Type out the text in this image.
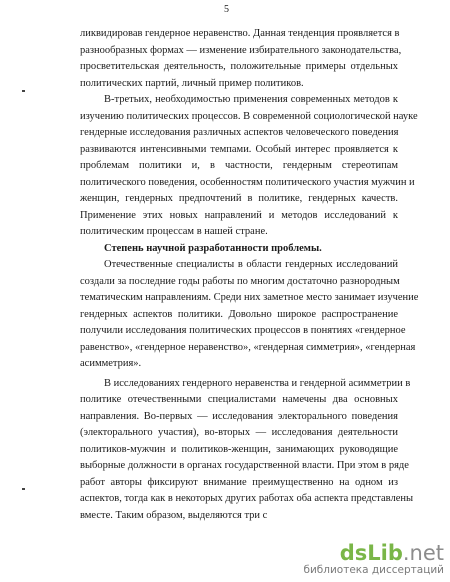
5
ликвидировав гендерное неравенство. Данная тенденция проявляется в
разнообразных формах — изменение избирательного законодательства,
просветительская деятельность, положительные примеры отдельных
политических партий, личный пример политиков.
В-третьих, необходимостью применения современных методов к
изучению политических процессов. В современной социологической науке
гендерные исследования различных аспектов человеческого поведения
развиваются интенсивными темпами. Особый интерес проявляется к
проблемам политики и, в частности, гендерным стереотипам
политического поведения, особенностям политического участия мужчин и
женщин, гендерных предпочтений в политике, гендерных качеств.
Применение этих новых направлений и методов исследований к
политическим процессам в нашей стране.
Степень научной разработанности проблемы.
Отечественные специалисты в области гендерных исследований
создали за последние годы работы по многим достаточно разнородным
тематическим направлениям. Среди них заметное место занимает изучение
гендерных аспектов политики. Довольно широкое распространение
получили исследования политических процессов в понятиях «гендерное
равенство», «гендерное неравенство», «гендерная симметрия», «гендерная
асимметрия».
В исследованиях гендерного неравенства и гендерной асимметрии в
политике отечественными специалистами намечены два основных
направления. Во-первых — исследования электорального поведения
(электорального участия), во-вторых — исследования деятельности
политиков-мужчин и политиков-женщин, занимающих руководящие
выборные должности в органах государственной власти. При этом в ряде
работ авторы фиксируют внимание преимущественно на одном из
аспектов, тогда как в некоторых других работах оба аспекта представлены
вместе. Таким образом, выделяются три с
dsLib.net
библиотека диссертаций
